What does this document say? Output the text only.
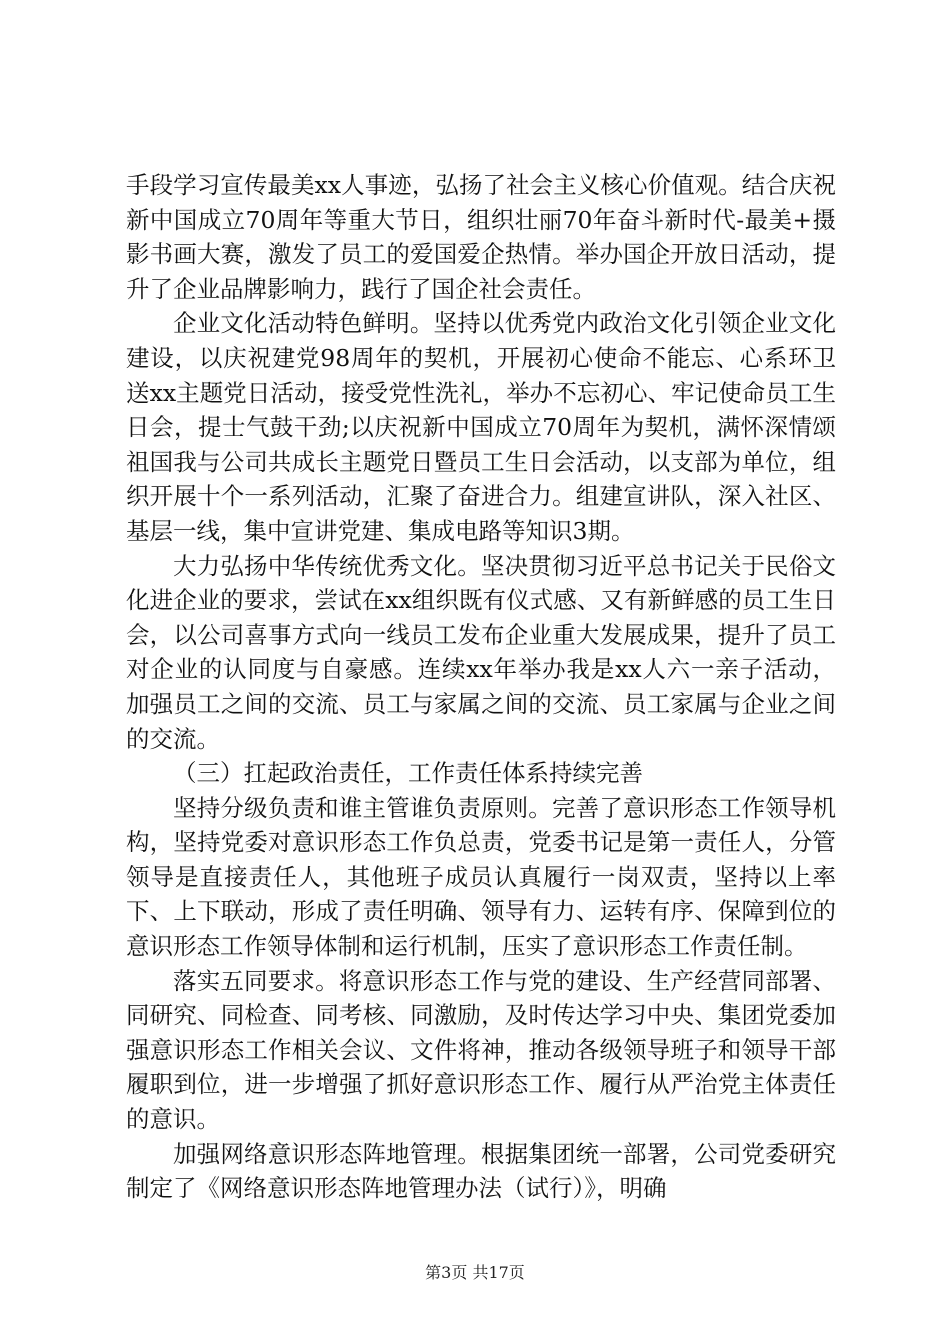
手段学习宣传最美xx人事迹，弘扬了社会主义核心价值观。结合庆祝新中国成立70周年等重大节日，组织壮丽70年奋斗新时代-最美+摄影书画大赛，激发了员工的爱国爱企热情。举办国企开放日活动，提升了企业品牌影响力，践行了国企社会责任。

企业文化活动特色鲜明。坚持以优秀党内政治文化引领企业文化建设，以庆祝建党98周年的契机，开展初心使命不能忘、心系环卫送xx主题党日活动，接受党性洗礼，举办不忘初心、牢记使命员工生日会，提士气鼓干劲;以庆祝新中国成立70周年为契机，满怀深情颂祖国我与公司共成长主题党日暨员工生日会活动，以支部为单位，组织开展十个一系列活动，汇聚了奋进合力。组建宣讲队，深入社区、基层一线，集中宣讲党建、集成电路等知识3期。

大力弘扬中华传统优秀文化。坚决贯彻习近平总书记关于民俗文化进企业的要求，尝试在xx组织既有仪式感、又有新鲜感的员工生日会，以公司喜事方式向一线员工发布企业重大发展成果，提升了员工对企业的认同度与自豪感。连续xx年举办我是xx人六一亲子活动，加强员工之间的交流、员工与家属之间的交流、员工家属与企业之间的交流。

（三）扛起政治责任，工作责任体系持续完善

坚持分级负责和谁主管谁负责原则。完善了意识形态工作领导机构，坚持党委对意识形态工作负总责，党委书记是第一责任人，分管领导是直接责任人，其他班子成员认真履行一岗双责，坚持以上率下、上下联动，形成了责任明确、领导有力、运转有序、保障到位的意识形态工作领导体制和运行机制，压实了意识形态工作责任制。

落实五同要求。将意识形态工作与党的建设、生产经营同部署、同研究、同检查、同考核、同激励，及时传达学习中央、集团党委加强意识形态工作相关会议、文件将神，推动各级领导班子和领导干部履职到位，进一步增强了抓好意识形态工作、履行从严治党主体责任的意识。

加强网络意识形态阵地管理。根据集团统一部署，公司党委研究制定了《网络意识形态阵地管理办法（试行）》，明确

第3页 共17页
